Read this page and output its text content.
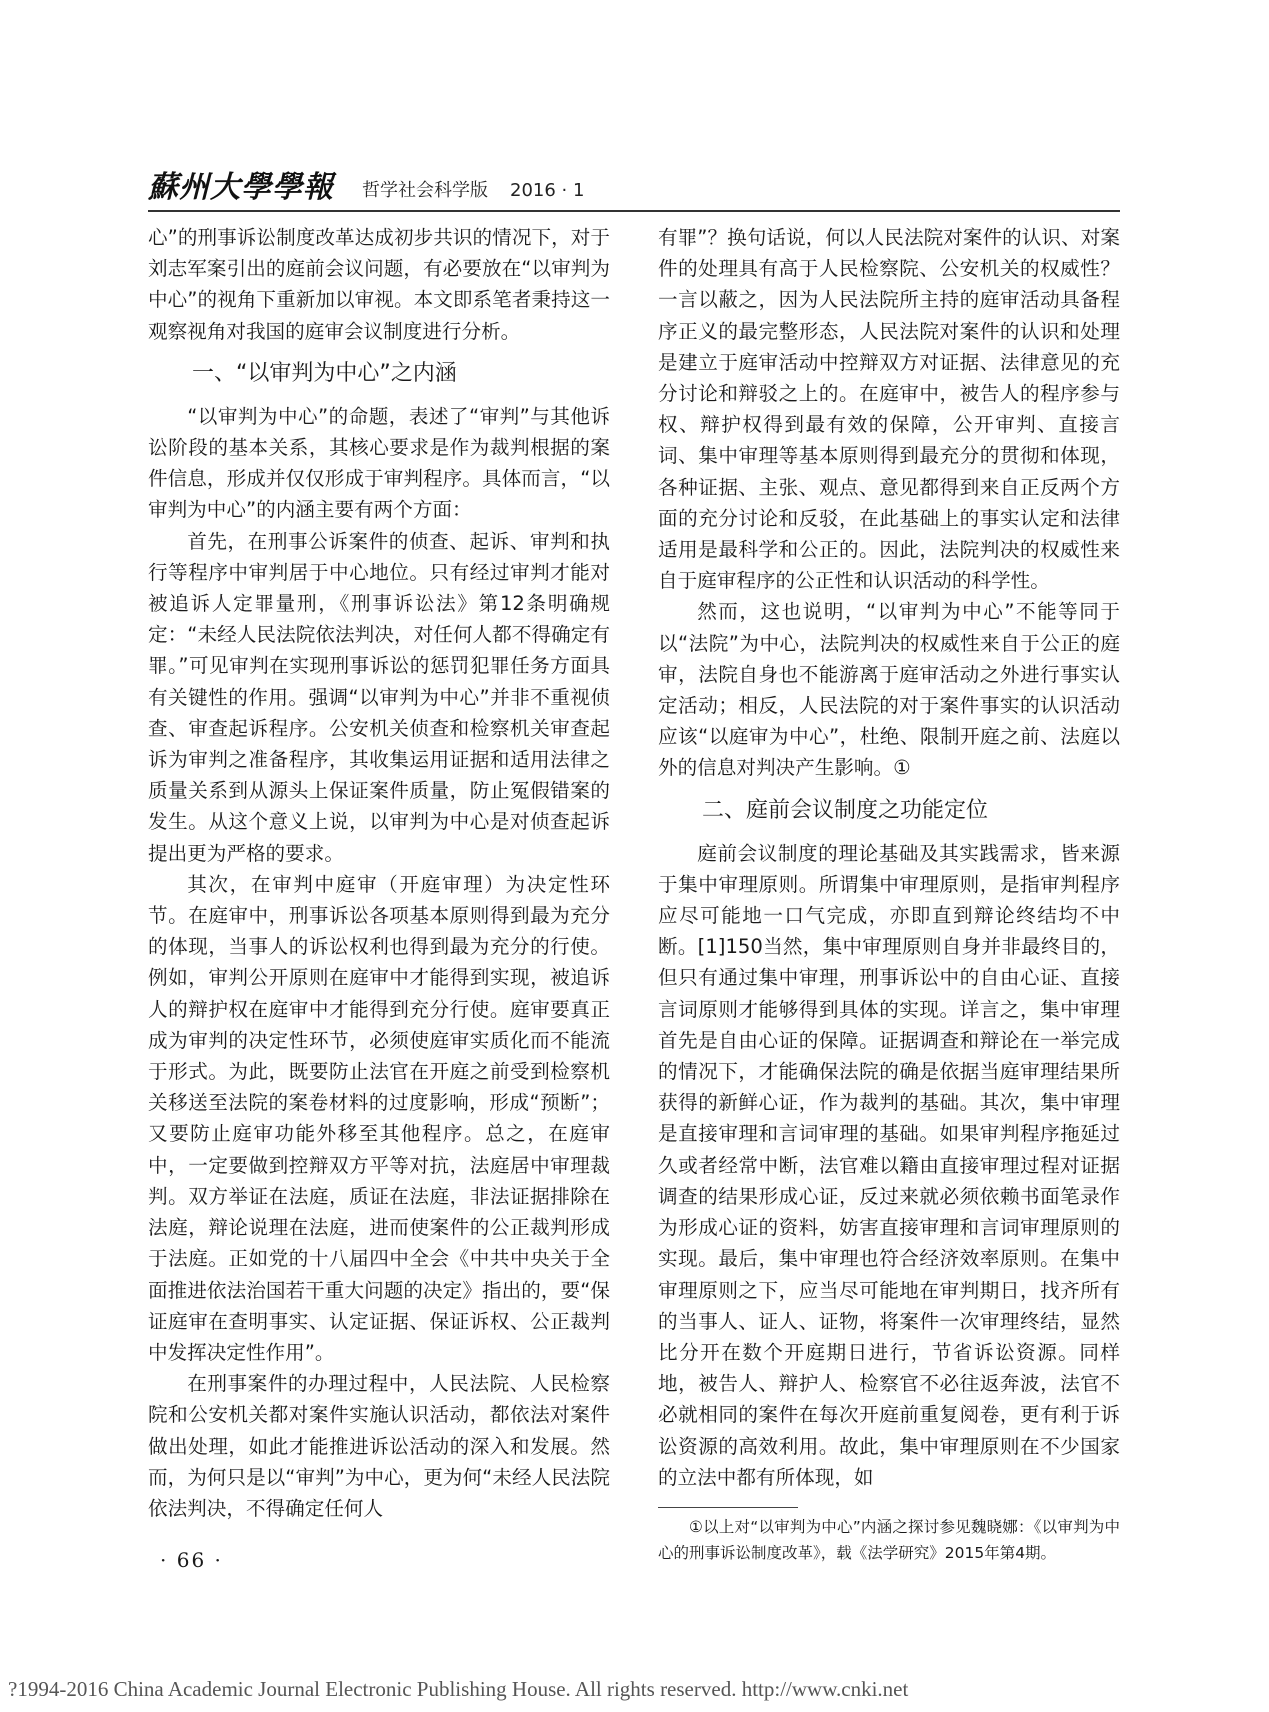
蘇州大學學報 哲学社会科学版 2016 · 1

心”的刑事诉讼制度改革达成初步共识的情况下，对于刘志军案引出的庭前会议问题，有必要放在“以审判为中心”的视角下重新加以审视。本文即系笔者秉持这一观察视角对我国的庭审会议制度进行分析。

一、“以审判为中心”之内涵

“以审判为中心”的命题，表述了“审判”与其他诉讼阶段的基本关系，其核心要求是作为裁判根据的案件信息，形成并仅仅形成于审判程序。具体而言，“以审判为中心”的内涵主要有两个方面：

首先，在刑事公诉案件的侦查、起诉、审判和执行等程序中审判居于中心地位。只有经过审判才能对被追诉人定罪量刑，《刑事诉讼法》第12条明确规定：“未经人民法院依法判决，对任何人都不得确定有罪。”可见审判在实现刑事诉讼的惩罚犯罪任务方面具有关键性的作用。强调“以审判为中心”并非不重视侦查、审查起诉程序。公安机关侦查和检察机关审查起诉为审判之准备程序，其收集运用证据和适用法律之质量关系到从源头上保证案件质量，防止冤假错案的发生。从这个意义上说，以审判为中心是对侦查起诉提出更为严格的要求。

其次，在审判中庭审（开庭审理）为决定性环节。在庭审中，刑事诉讼各项基本原则得到最为充分的体现，当事人的诉讼权利也得到最为充分的行使。例如，审判公开原则在庭审中才能得到实现，被追诉人的辩护权在庭审中才能得到充分行使。庭审要真正成为审判的决定性环节，必须使庭审实质化而不能流于形式。为此，既要防止法官在开庭之前受到检察机关移送至法院的案卷材料的过度影响，形成“预断”；又要防止庭审功能外移至其他程序。总之，在庭审中，一定要做到控辩双方平等对抗，法庭居中审理裁判。双方举证在法庭，质证在法庭，非法证据排除在法庭，辩论说理在法庭，进而使案件的公正裁判形成于法庭。正如党的十八届四中全会《中共中央关于全面推进依法治国若干重大问题的决定》指出的，要“保证庭审在查明事实、认定证据、保证诉权、公正裁判中发挥决定性作用”。

在刑事案件的办理过程中，人民法院、人民检察院和公安机关都对案件实施认识活动，都依法对案件做出处理，如此才能推进诉讼活动的深入和发展。然而，为何只是以“审判”为中心，更为何“未经人民法院依法判决，不得确定任何人

有罪”？换句话说，何以人民法院对案件的认识、对案件的处理具有高于人民检察院、公安机关的权威性？一言以蔽之，因为人民法院所主持的庭审活动具备程序正义的最完整形态，人民法院对案件的认识和处理是建立于庭审活动中控辩双方对证据、法律意见的充分讨论和辩驳之上的。在庭审中，被告人的程序参与权、辩护权得到最有效的保障，公开审判、直接言词、集中审理等基本原则得到最充分的贯彻和体现，各种证据、主张、观点、意见都得到来自正反两个方面的充分讨论和反驳，在此基础上的事实认定和法律适用是最科学和公正的。因此，法院判决的权威性来自于庭审程序的公正性和认识活动的科学性。

然而，这也说明，“以审判为中心”不能等同于以“法院”为中心，法院判决的权威性来自于公正的庭审，法院自身也不能游离于庭审活动之外进行事实认定活动；相反，人民法院的对于案件事实的认识活动应该“以庭审为中心”，杜绝、限制开庭之前、法庭以外的信息对判决产生影响。①

二、庭前会议制度之功能定位

庭前会议制度的理论基础及其实践需求，皆来源于集中审理原则。所谓集中审理原则，是指审判程序应尽可能地一口气完成，亦即直到辩论终结均不中断。[1]150当然，集中审理原则自身并非最终目的，但只有通过集中审理，刑事诉讼中的自由心证、直接言词原则才能够得到具体的实现。详言之，集中审理首先是自由心证的保障。证据调查和辩论在一举完成的情况下，才能确保法院的确是依据当庭审理结果所获得的新鲜心证，作为裁判的基础。其次，集中审理是直接审理和言词审理的基础。如果审判程序拖延过久或者经常中断，法官难以籍由直接审理过程对证据调查的结果形成心证，反过来就必须依赖书面笔录作为形成心证的资料，妨害直接审理和言词审理原则的实现。最后，集中审理也符合经济效率原则。在集中审理原则之下，应当尽可能地在审判期日，找齐所有的当事人、证人、证物，将案件一次审理终结，显然比分开在数个开庭期日进行，节省诉讼资源。同样地，被告人、辩护人、检察官不必往返奔波，法官不必就相同的案件在每次开庭前重复阅卷，更有利于诉讼资源的高效利用。故此，集中审理原则在不少国家的立法中都有所体现，如

①以上对“以审判为中心”内涵之探讨参见魏晓娜：《以审判为中心的刑事诉讼制度改革》，载《法学研究》2015年第4期。
· 66 ·
?1994-2016 China Academic Journal Electronic Publishing House. All rights reserved. http://www.cnki.net
